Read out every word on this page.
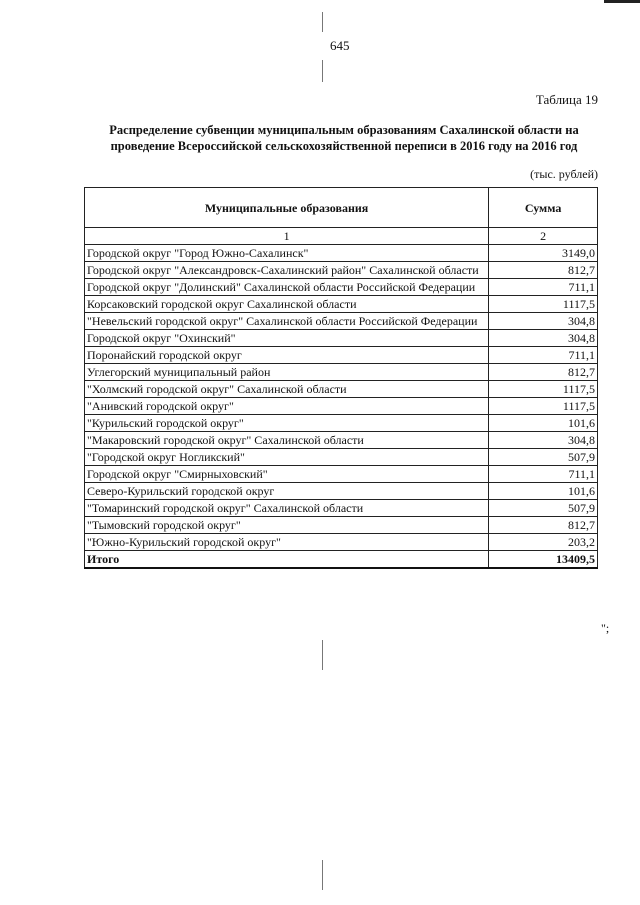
645
Таблица 19
Распределение субвенции муниципальным образованиям Сахалинской области на
проведение Всероссийской сельскохозяйственной переписи в 2016 году на 2016 год
(тыс. рублей)
Муниципальные образования	Сумма
1	2
Городской округ "Город Южно-Сахалинск"	3149,0
Городской округ "Александровск-Сахалинский район" Сахалинской области	812,7
Городской округ "Долинский" Сахалинской области Российской Федерации	711,1
Корсаковский городской округ Сахалинской области	1117,5
"Невельский городской округ" Сахалинской области Российской Федерации	304,8
Городской округ "Охинский"	304,8
Поронайский городской округ	711,1
Углегорский муниципальный район	812,7
"Холмский городской округ" Сахалинской области	1117,5
"Анивский городской округ"	1117,5
"Курильский городской округ"	101,6
"Макаровский городской округ" Сахалинской области	304,8
"Городской округ Ногликский"	507,9
Городской округ "Смирныховский"	711,1
Северо-Курильский городской округ	101,6
"Томаринский городской округ" Сахалинской области	507,9
"Тымовский городской округ"	812,7
"Южно-Курильский городской округ"	203,2
Итого	13409,5
";
